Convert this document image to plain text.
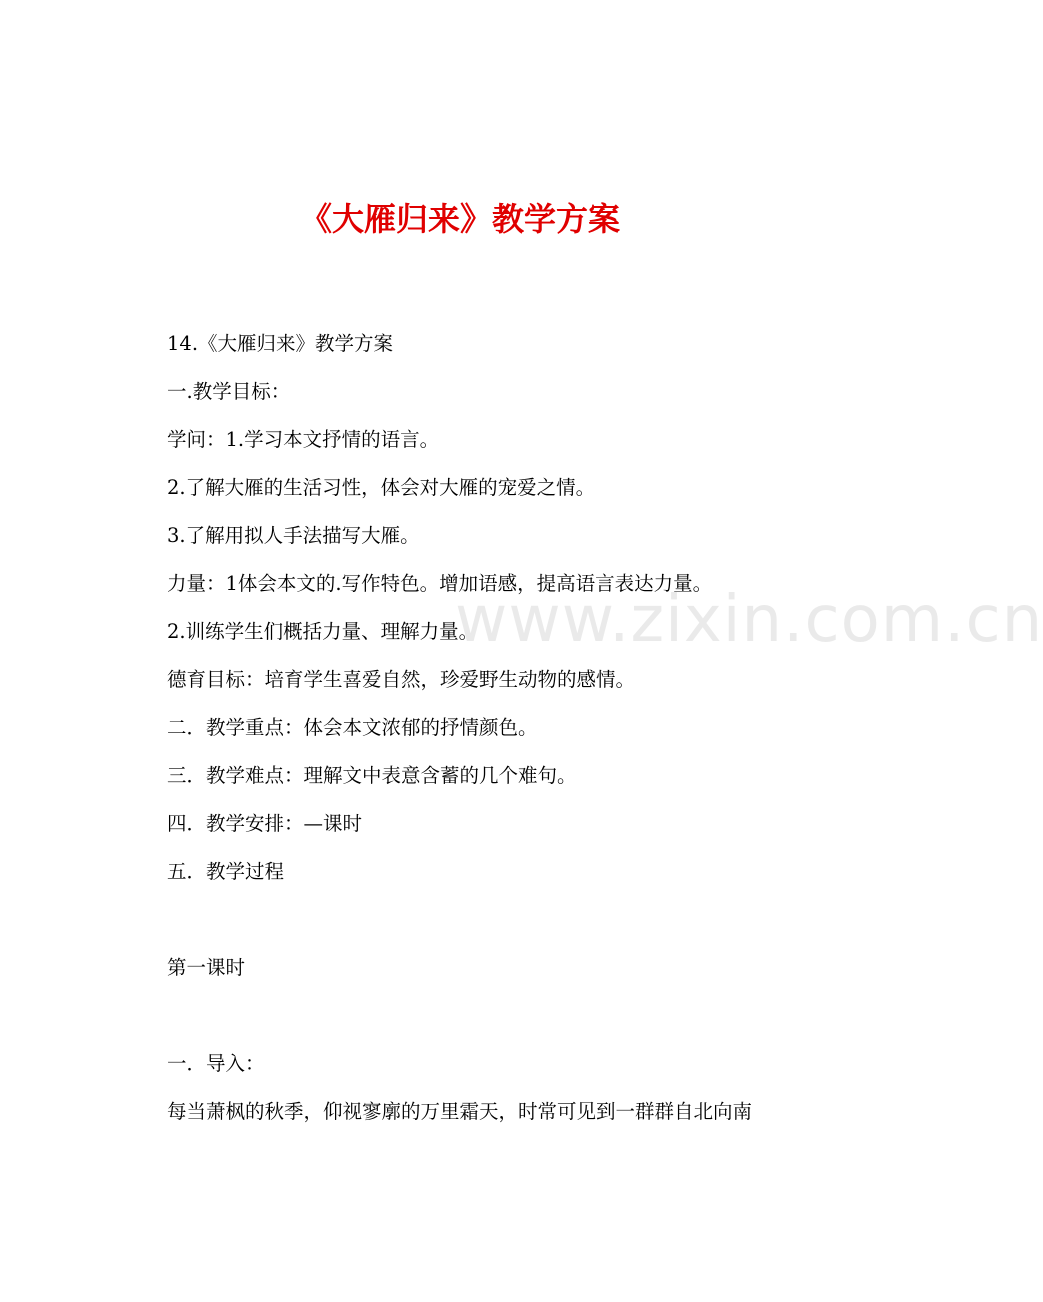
《大雁归来》教学方案
www.zixin.com.cn

14.《大雁归来》教学方案

一.教学目标：

学问：1.学习本文抒情的语言。

2.了解大雁的生活习性，体会对大雁的宠爱之情。

3.了解用拟人手法描写大雁。

力量：1体会本文的.写作特色。增加语感，提高语言表达力量。

2.训练学生们概括力量、理解力量。

德育目标：培育学生喜爱自然，珍爱野生动物的感情。

二．教学重点：体会本文浓郁的抒情颜色。

三．教学难点：理解文中表意含蓄的几个难句。

四．教学安排：—课时

五．教学过程

第一课时

一．导入：

每当萧枫的秋季，仰视寥廓的万里霜天，时常可见到一群群自北向南
